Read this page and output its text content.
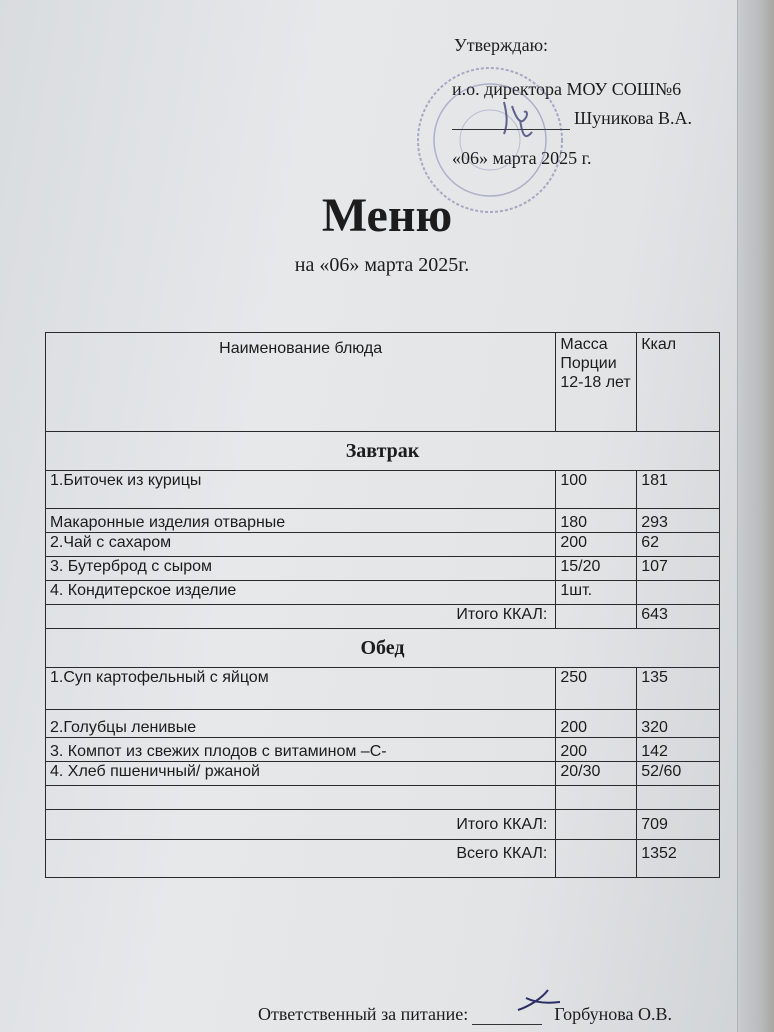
Утверждаю:
и.о. директора МОУ СОШ№6
Шуникова В.А.
«06» марта 2025 г.
Меню
на «06» марта 2025г.
Наименование блюда	Масса Порции 12-18 лет	Ккал
Завтрак		
1.Биточек из курицы	100	181
Макаронные изделия отварные	180	293
2.Чай с сахаром	200	62
3. Бутерброд с сыром	15/20	107
4. Кондитерское изделие	1шт.	
Итого ККАЛ:		643
Обед		
1.Суп картофельный с яйцом	250	135
2.Голубцы ленивые	200	320
3. Компот из свежих плодов с витамином –С-	200	142
4. Хлеб пшеничный/ ржаной	20/30	52/60

Итого ККАЛ:		709
Всего ККАЛ:		1352
Ответственный за питание:	Горбунова О.В.
